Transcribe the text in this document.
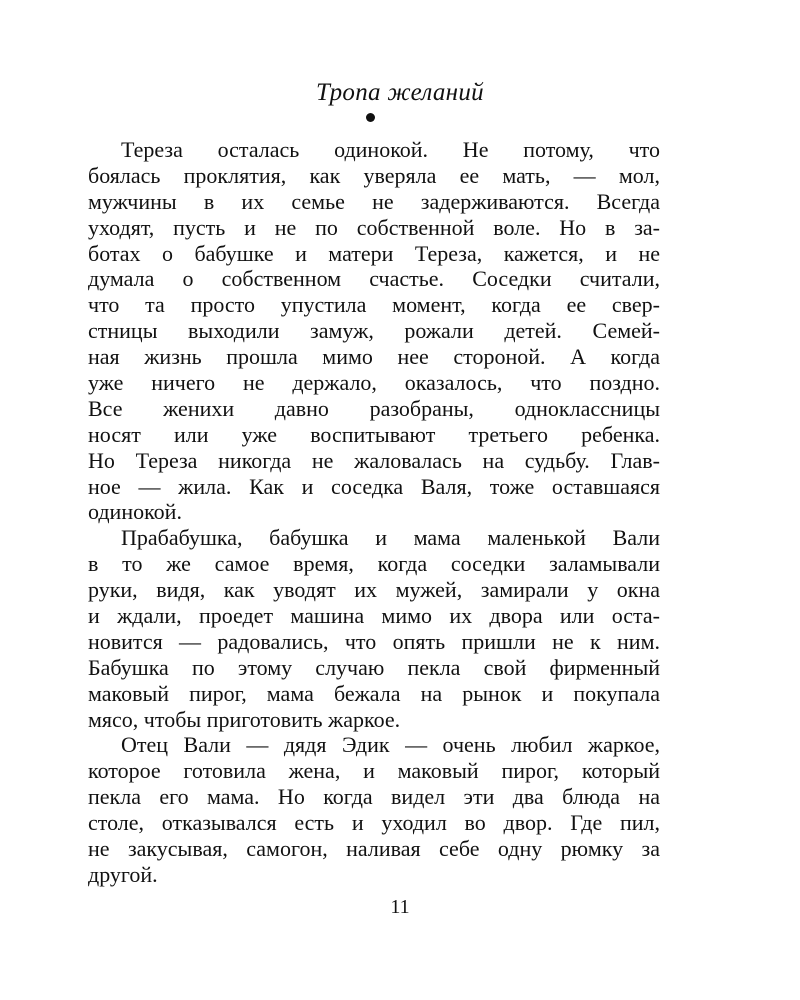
Тропа желаний
Тереза осталась одинокой. Не потому, что
боялась проклятия, как уверяла ее мать, — мол,
мужчины в их семье не задерживаются. Всегда
уходят, пусть и не по собственной воле. Но в за-
ботах о бабушке и матери Тереза, кажется, и не
думала о собственном счастье. Соседки считали,
что та просто упустила момент, когда ее свер-
стницы выходили замуж, рожали детей. Семей-
ная жизнь прошла мимо нее стороной. А когда
уже ничего не держало, оказалось, что поздно.
Все женихи давно разобраны, одноклассницы
носят или уже воспитывают третьего ребенка.
Но Тереза никогда не жаловалась на судьбу. Глав-
ное — жила. Как и соседка Валя, тоже оставшаяся
одинокой.
Прабабушка, бабушка и мама маленькой Вали
в то же самое время, когда соседки заламывали
руки, видя, как уводят их мужей, замирали у окна
и ждали, проедет машина мимо их двора или оста-
новится — радовались, что опять пришли не к ним.
Бабушка по этому случаю пекла свой фирменный
маковый пирог, мама бежала на рынок и покупала
мясо, чтобы приготовить жаркое.
Отец Вали — дядя Эдик — очень любил жаркое,
которое готовила жена, и маковый пирог, который
пекла его мама. Но когда видел эти два блюда на
столе, отказывался есть и уходил во двор. Где пил,
не закусывая, самогон, наливая себе одну рюмку за
другой.
11
